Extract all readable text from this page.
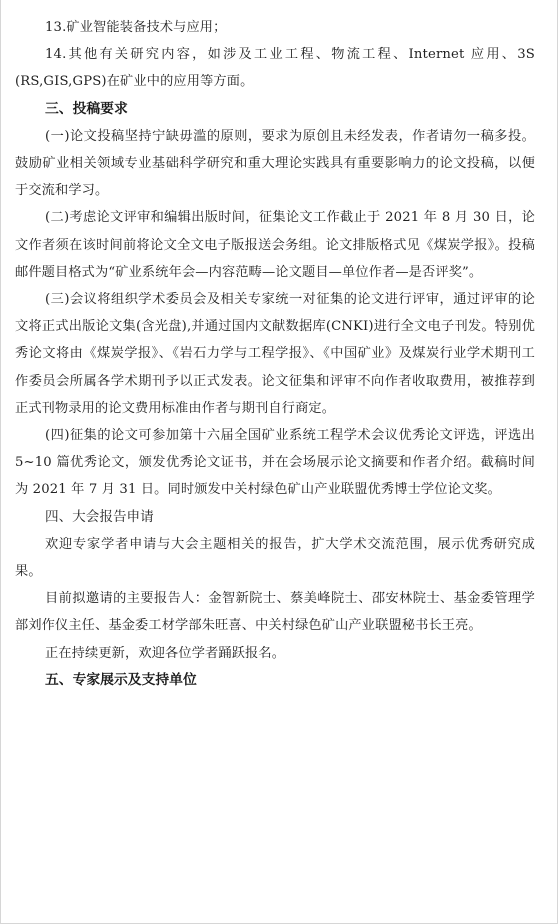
13.矿业智能装备技术与应用；

14.其他有关研究内容，如涉及工业工程、物流工程、Internet 应用、3S (RS,GIS,GPS)在矿业中的应用等方面。

三、投稿要求

(一)论文投稿坚持宁缺毋滥的原则，要求为原创且未经发表，作者请勿一稿多投。鼓励矿业相关领域专业基础科学研究和重大理论实践具有重要影响力的论文投稿，以便于交流和学习。

(二)考虑论文评审和编辑出版时间，征集论文工作截止于 2021 年 8 月 30 日，论文作者须在该时间前将论文全文电子版报送会务组。论文排版格式见《煤炭学报》。投稿邮件题目格式为“矿业系统年会—内容范畴—论文题目—单位作者—是否评奖”。

(三)会议将组织学术委员会及相关专家统一对征集的论文进行评审，通过评审的论文将正式出版论文集(含光盘),并通过国内文献数据库(CNKI)进行全文电子刊发。特别优秀论文将由《煤炭学报》、《岩石力学与工程学报》、《中国矿业》及煤炭行业学术期刊工作委员会所属各学术期刊予以正式发表。论文征集和评审不向作者收取费用，被推荐到正式刊物录用的论文费用标准由作者与期刊自行商定。

(四)征集的论文可参加第十六届全国矿业系统工程学术会议优秀论文评选，评选出 5~10 篇优秀论文，颁发优秀论文证书，并在会场展示论文摘要和作者介绍。截稿时间为 2021 年 7 月 31 日。同时颁发中关村绿色矿山产业联盟优秀博士学位论文奖。

四、大会报告申请

欢迎专家学者申请与大会主题相关的报告，扩大学术交流范围，展示优秀研究成果。

目前拟邀请的主要报告人：金智新院士、蔡美峰院士、邵安林院士、基金委管理学部刘作仪主任、基金委工材学部朱旺喜、中关村绿色矿山产业联盟秘书长王亮。

正在持续更新，欢迎各位学者踊跃报名。

五、专家展示及支持单位
